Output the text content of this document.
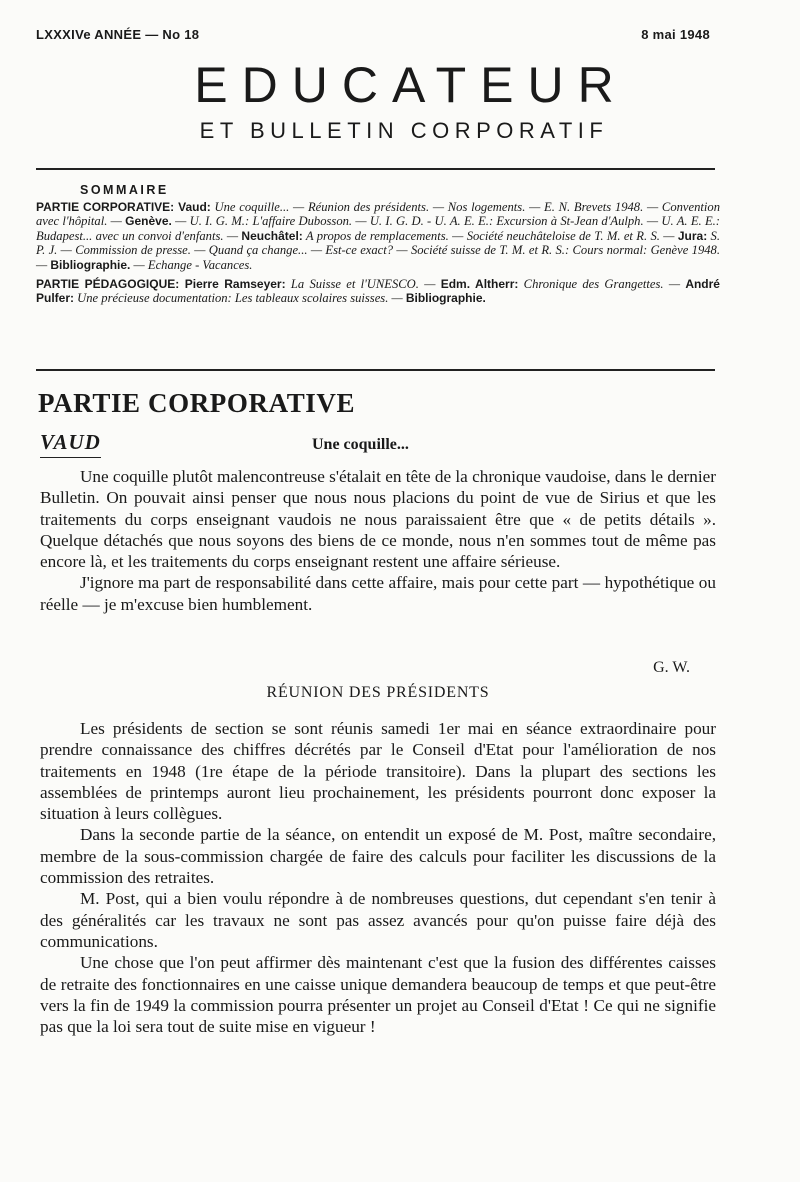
LXXXIVe ANNÉE — No 18	8 mai 1948
EDUCATEUR
ET BULLETIN CORPORATIF
SOMMAIRE
PARTIE CORPORATIVE: Vaud: Une coquille... — Réunion des présidents. — Nos logements. — E. N. Brevets 1948. — Convention avec l'hôpital. — Genève. — U. I. G. M.: L'affaire Dubosson. — U. I. G. D. - U. A. E. E.: Excursion à St-Jean d'Aulph. — U. A. E. E.: Budapest... avec un convoi d'enfants. — Neuchâtel: A propos de remplacements. — Société neuchâteloise de T. M. et R. S. — Jura: S. P. J. — Commission de presse. — Quand ça change... — Est-ce exact? — Société suisse de T. M. et R. S.: Cours normal: Genève 1948. — Bibliographie. — Echange - Vacances.
PARTIE PÉDAGOGIQUE: Pierre Ramseyer: La Suisse et l'UNESCO. — Edm. Altherr: Chronique des Grangettes. — André Pulfer: Une précieuse documentation: Les tableaux scolaires suisses. — Bibliographie.
PARTIE CORPORATIVE
VAUD	Une coquille...

Une coquille plutôt malencontreuse s'étalait en tête de la chronique vaudoise, dans le dernier Bulletin. On pouvait ainsi penser que nous nous placions du point de vue de Sirius et que les traitements du corps enseignant vaudois ne nous paraissaient être que « de petits détails ». Quelque détachés que nous soyons des biens de ce monde, nous n'en sommes tout de même pas encore là, et les traitements du corps enseignant restent une affaire sérieuse.

J'ignore ma part de responsabilité dans cette affaire, mais pour cette part — hypothétique ou réelle — je m'excuse bien humblement.

G. W.
RÉUNION DES PRÉSIDENTS

Les présidents de section se sont réunis samedi 1er mai en séance extraordinaire pour prendre connaissance des chiffres décrétés par le Conseil d'Etat pour l'amélioration de nos traitements en 1948 (1re étape de la période transitoire). Dans la plupart des sections les assemblées de printemps auront lieu prochainement, les présidents pourront donc exposer la situation à leurs collègues.

Dans la seconde partie de la séance, on entendit un exposé de M. Post, maître secondaire, membre de la sous-commission chargée de faire des calculs pour faciliter les discussions de la commission des retraites.

M. Post, qui a bien voulu répondre à de nombreuses questions, dut cependant s'en tenir à des généralités car les travaux ne sont pas assez avancés pour qu'on puisse faire déjà des communications.

Une chose que l'on peut affirmer dès maintenant c'est que la fusion des différentes caisses de retraite des fonctionnaires en une caisse unique demandera beaucoup de temps et que peut-être vers la fin de 1949 la commission pourra présenter un projet au Conseil d'Etat ! Ce qui ne signifie pas que la loi sera tout de suite mise en vigueur !
